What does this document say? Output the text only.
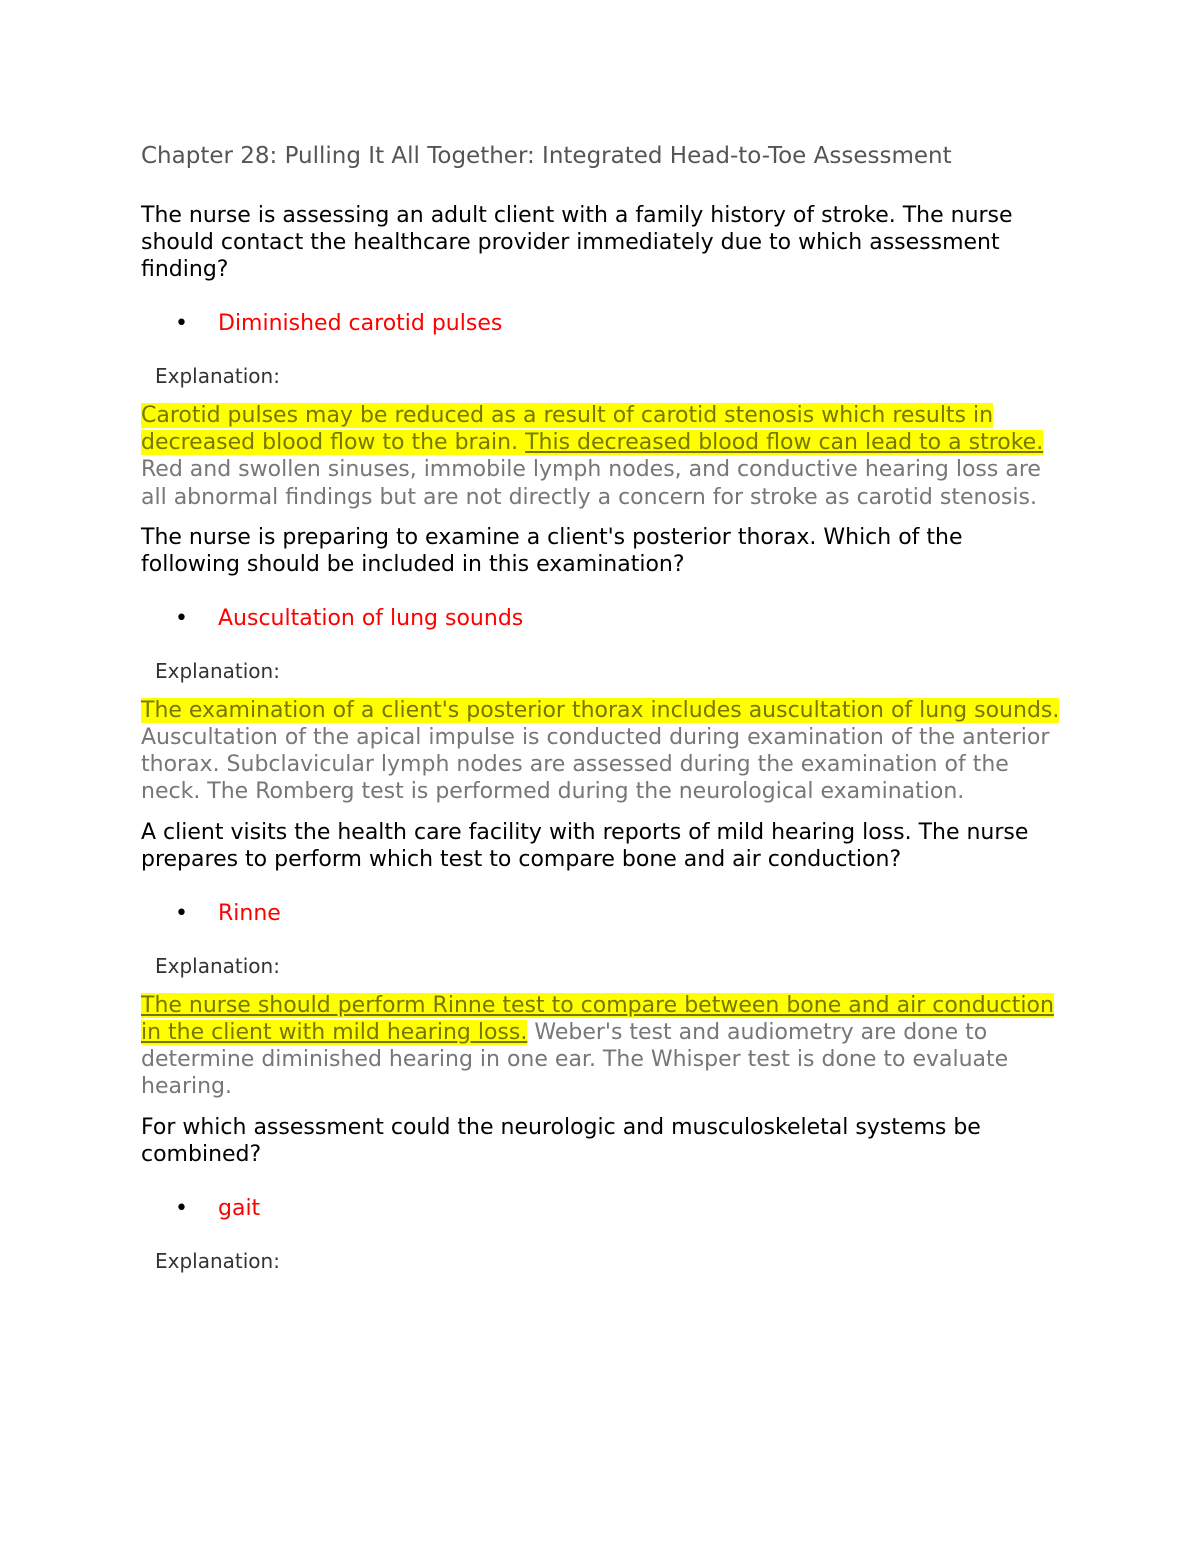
Chapter 28: Pulling It All Together: Integrated Head-to-Toe Assessment

The nurse is assessing an adult client with a family history of stroke. The nurse should contact the healthcare provider immediately due to which assessment finding?

• Diminished carotid pulses
Explanation:
Carotid pulses may be reduced as a result of carotid stenosis which results in decreased blood flow to the brain. This decreased blood flow can lead to a stroke. Red and swollen sinuses, immobile lymph nodes, and conductive hearing loss are all abnormal findings but are not directly a concern for stroke as carotid stenosis.

The nurse is preparing to examine a client's posterior thorax. Which of the following should be included in this examination?

• Auscultation of lung sounds
Explanation:
The examination of a client's posterior thorax includes auscultation of lung sounds. Auscultation of the apical impulse is conducted during examination of the anterior thorax. Subclavicular lymph nodes are assessed during the examination of the neck. The Romberg test is performed during the neurological examination.

A client visits the health care facility with reports of mild hearing loss. The nurse prepares to perform which test to compare bone and air conduction?

• Rinne
Explanation:
The nurse should perform Rinne test to compare between bone and air conduction in the client with mild hearing loss. Weber's test and audiometry are done to determine diminished hearing in one ear. The Whisper test is done to evaluate hearing.

For which assessment could the neurologic and musculoskeletal systems be combined?

• gait
Explanation:
